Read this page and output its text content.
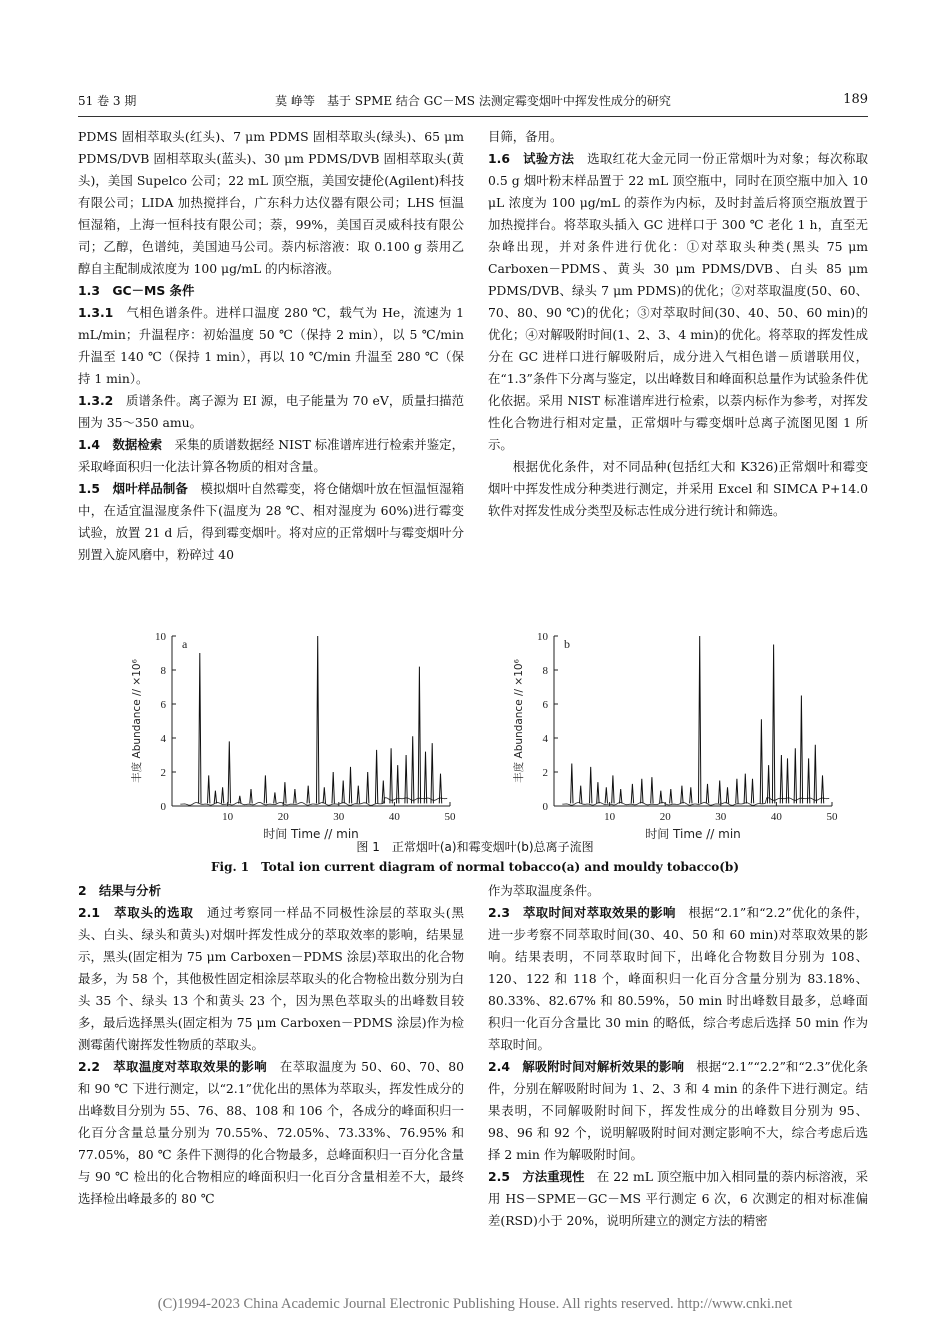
51 卷 3 期	莫 峥等　基于 SPME 结合 GC－MS 法测定霉变烟叶中挥发性成分的研究	189

PDMS 固相萃取头(红头)、7 μm PDMS 固相萃取头(绿头)、65 μm PDMS/DVB 固相萃取头(蓝头)、30 μm PDMS/DVB 固相萃取头(黄头)，美国 Supelco 公司；22 mL 顶空瓶，美国安捷伦(Agilent)科技有限公司；LIDA 加热搅拌台，广东科力达仪器有限公司；LHS 恒温恒湿箱，上海一恒科技有限公司；萘，99%，美国百灵威科技有限公司；乙醇，色谱纯，美国迪马公司。萘内标溶液：取 0.100 g 萘用乙醇自主配制成浓度为 100 μg/mL 的内标溶液。

1.3　GC－MS 条件

1.3.1　气相色谱条件。进样口温度 280 ℃，载气为 He，流速为 1 mL/min；升温程序：初始温度 50 ℃（保持 2 min），以 5 ℃/min 升温至 140 ℃（保持 1 min），再以 10 ℃/min 升温至 280 ℃（保持 1 min）。

1.3.2　质谱条件。离子源为 EI 源，电子能量为 70 eV，质量扫描范围为 35～350 amu。

1.4　数据检索　采集的质谱数据经 NIST 标准谱库进行检索并鉴定，采取峰面积归一化法计算各物质的相对含量。

1.5　烟叶样品制备　模拟烟叶自然霉变，将仓储烟叶放在恒温恒湿箱中，在适宜温湿度条件下(温度为 28 ℃、相对湿度为 60%)进行霉变试验，放置 21 d 后，得到霉变烟叶。将对应的正常烟叶与霉变烟叶分别置入旋风磨中，粉碎过 40

目筛，备用。

1.6　试验方法　选取红花大金元同一份正常烟叶为对象；每次称取 0.5 g 烟叶粉末样品置于 22 mL 顶空瓶中，同时在顶空瓶中加入 10 μL 浓度为 100 μg/mL 的萘作为内标，及时封盖后将顶空瓶放置于加热搅拌台。将萃取头插入 GC 进样口于 300 ℃ 老化 1 h，直至无杂峰出现，并对条件进行优化：①对萃取头种类(黑头 75 μm Carboxen－PDMS、黄头 30 μm PDMS/DVB、白头 85 μm PDMS/DVB、绿头 7 μm PDMS)的优化；②对萃取温度(50、60、70、80、90 ℃)的优化；③对萃取时间(30、40、50、60 min)的优化；④对解吸附时间(1、2、3、4 min)的优化。将萃取的挥发性成分在 GC 进样口进行解吸附后，成分进入气相色谱－质谱联用仪，在“1.3”条件下分离与鉴定，以出峰数目和峰面积总量作为试验条件优化依据。采用 NIST 标准谱库进行检索，以萘内标作为参考，对挥发性化合物进行相对定量，正常烟叶与霉变烟叶总离子流图见图 1 所示。

根据优化条件，对不同品种(包括红大和 K326)正常烟叶和霉变烟叶中挥发性成分种类进行测定，并采用 Excel 和 SIMCA P+14.0 软件对挥发性成分类型及标志性成分进行统计和筛选。

0
2
4
6
8
10
10	20	30	40	50
a
时间 Time // min
丰度 Abundance // ×10⁶
0
2
4
6
8
10
10	20	30	40	50
b
时间 Time // min
丰度 Abundance // ×10⁶
图 1　正常烟叶(a)和霉变烟叶(b)总离子流图
Fig. 1　Total ion current diagram of normal tobacco(a) and mouldy tobacco(b)

2　结果与分析

2.1　萃取头的选取　通过考察同一样品不同极性涂层的萃取头(黑头、白头、绿头和黄头)对烟叶挥发性成分的萃取效率的影响，结果显示，黑头(固定相为 75 μm Carboxen－PDMS 涂层)萃取出的化合物最多，为 58 个，其他极性固定相涂层萃取头的化合物检出数分别为白头 35 个、绿头 13 个和黄头 23 个，因为黑色萃取头的出峰数目较多，最后选择黑头(固定相为 75 μm Carboxen－PDMS 涂层)作为检测霉菌代谢挥发性物质的萃取头。

2.2　萃取温度对萃取效果的影响　在萃取温度为 50、60、70、80 和 90 ℃ 下进行测定，以“2.1”优化出的黑体为萃取头，挥发性成分的出峰数目分别为 55、76、88、108 和 106 个，各成分的峰面积归一化百分含量总量分别为 70.55%、72.05%、73.33%、76.95% 和 77.05%，80 ℃ 条件下测得的化合物最多，总峰面积归一百分化含量与 90 ℃ 检出的化合物相应的峰面积归一化百分含量相差不大，最终选择检出峰最多的 80 ℃

作为萃取温度条件。

2.3　萃取时间对萃取效果的影响　根据“2.1”和“2.2”优化的条件，进一步考察不同萃取时间(30、40、50 和 60 min)对萃取效果的影响。结果表明，不同萃取时间下，出峰化合物数目分别为 108、120、122 和 118 个，峰面积归一化百分含量分别为 83.18%、80.33%、82.67% 和 80.59%，50 min 时出峰数目最多，总峰面积归一化百分含量比 30 min 的略低，综合考虑后选择 50 min 作为萃取时间。

2.4　解吸附时间对解析效果的影响　根据“2.1”“2.2”和“2.3”优化条件，分别在解吸附时间为 1、2、3 和 4 min 的条件下进行测定。结果表明，不同解吸附时间下，挥发性成分的出峰数目分别为 95、98、96 和 92 个，说明解吸附时间对测定影响不大，综合考虑后选择 2 min 作为解吸附时间。

2.5　方法重现性　在 22 mL 顶空瓶中加入相同量的萘内标溶液，采用 HS－SPME－GC－MS 平行测定 6 次，6 次测定的相对标准偏差(RSD)小于 20%，说明所建立的测定方法的精密

(C)1994-2023 China Academic Journal Electronic Publishing House. All rights reserved. http://www.cnki.net
